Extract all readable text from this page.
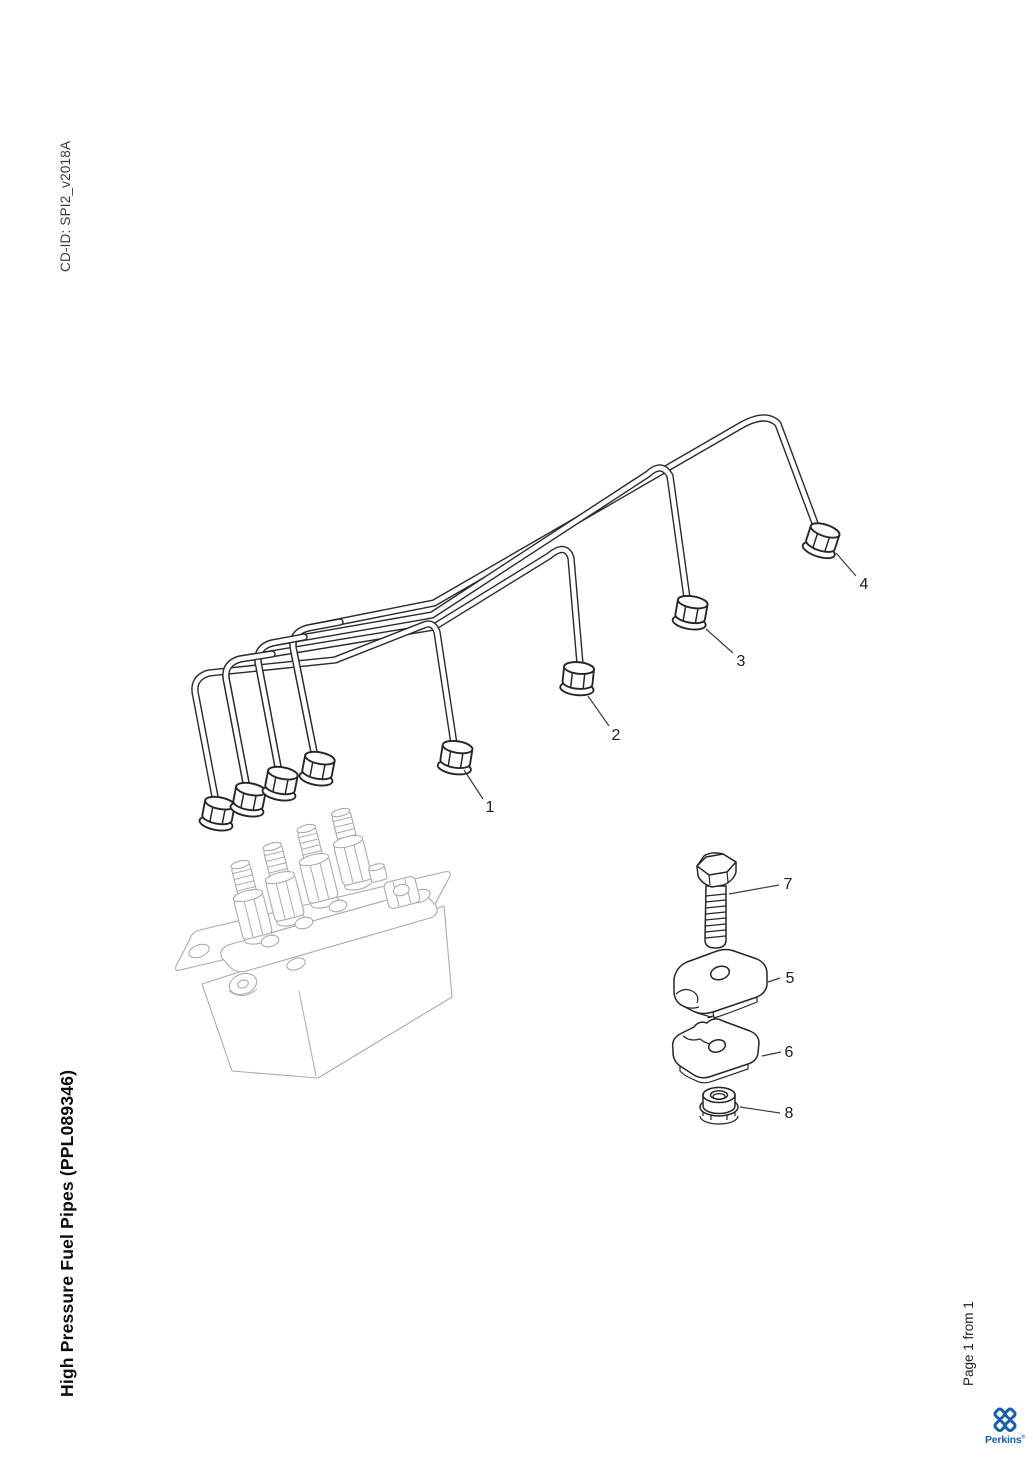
CD-ID: SPI2_v2018A
High Pressure Fuel Pipes (PPL089346)	Page 1 from 1
1
2
3
4
5
6
7
8
Perkins®
